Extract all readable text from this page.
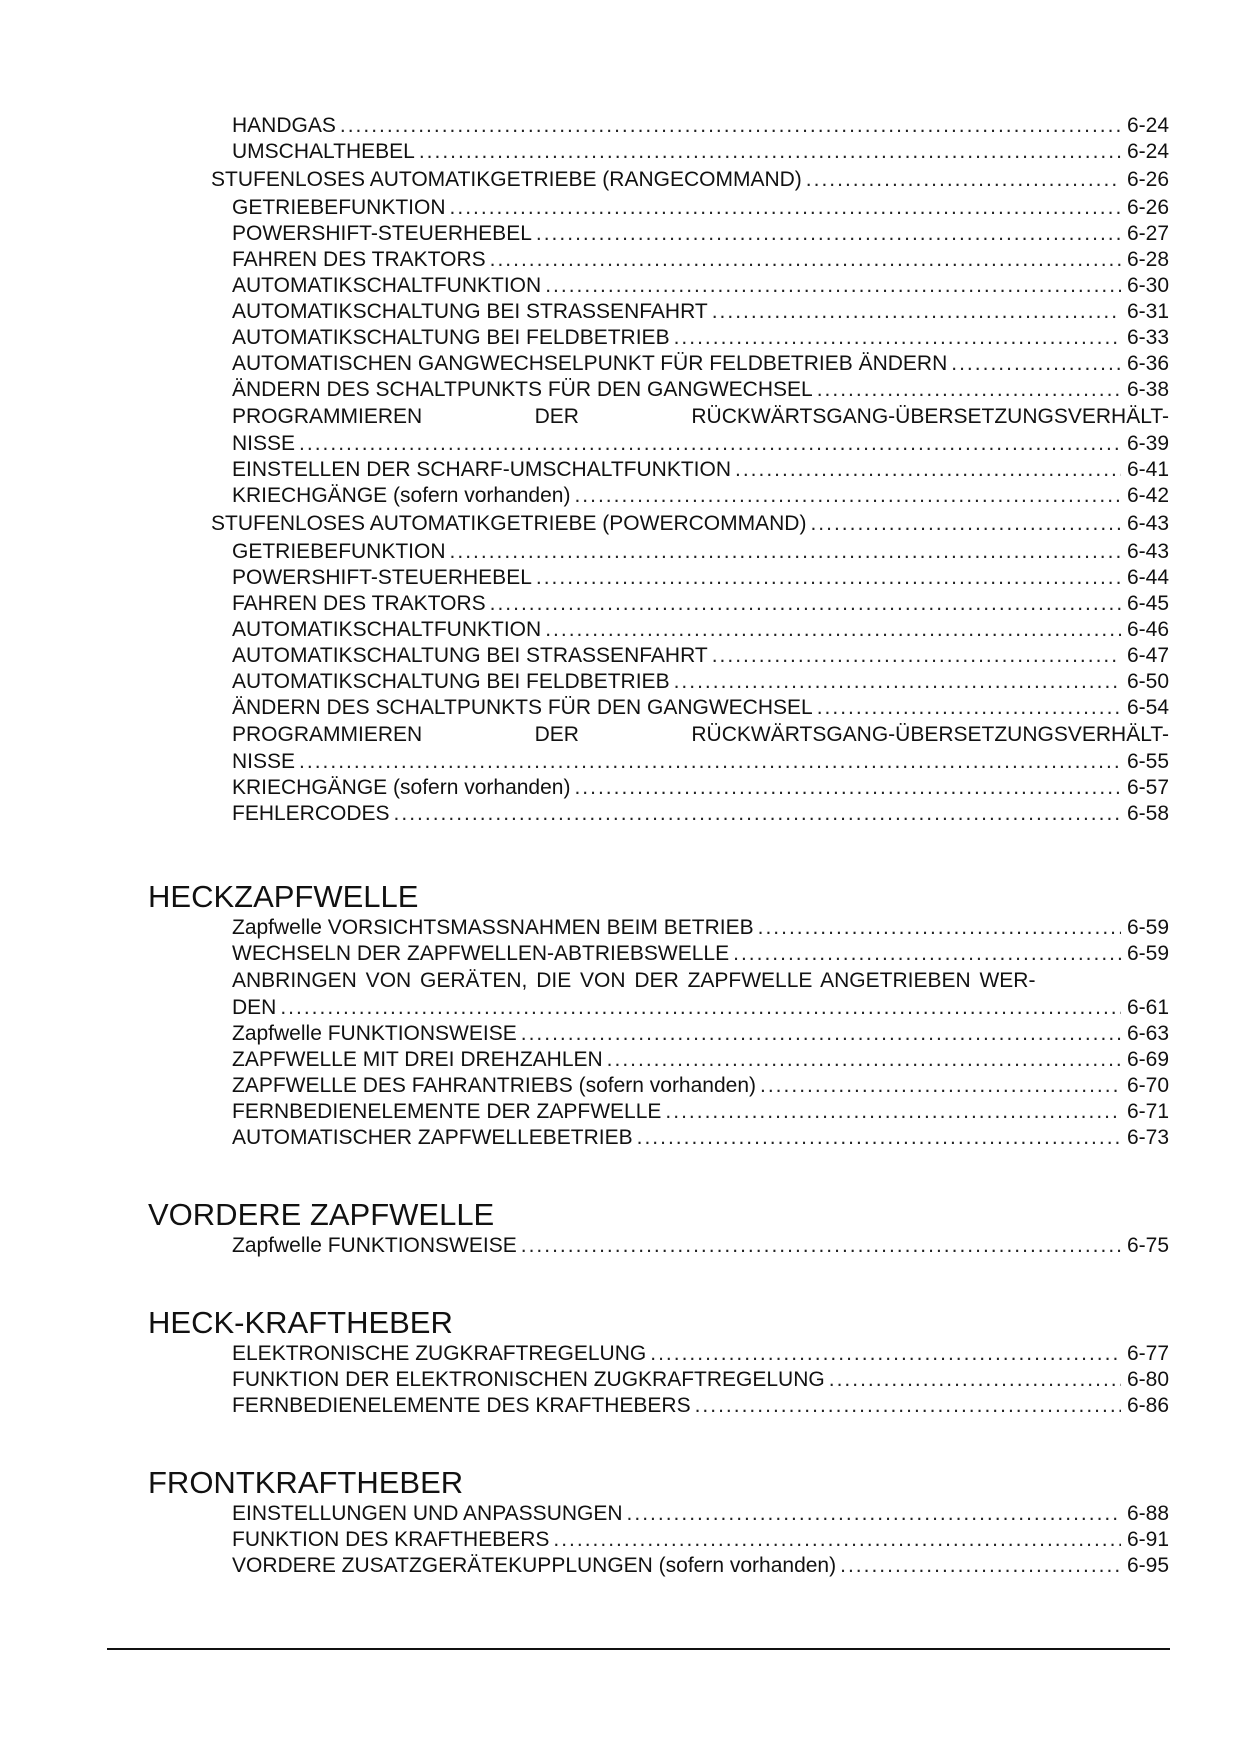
HANDGAS .....	6-24
UMSCHALTHEBEL .....	6-24
STUFENLOSES AUTOMATIKGETRIEBE (RANGECOMMAND) .....	6-26
GETRIEBEFUNKTION .....	6-26
POWERSHIFT-STEUERHEBEL .....	6-27
FAHREN DES TRAKTORS .....	6-28
AUTOMATIKSCHALTFUNKTION .....	6-30
AUTOMATIKSCHALTUNG BEI STRASSENFAHRT .....	6-31
AUTOMATIKSCHALTUNG BEI FELDBETRIEB .....	6-33
AUTOMATISCHEN GANGWECHSELPUNKT FÜR FELDBETRIEB ÄNDERN .....	6-36
ÄNDERN DES SCHALTPUNKTS FÜR DEN GANGWECHSEL .....	6-38
PROGRAMMIEREN	DER	RÜCKWÄRTSGANG-ÜBERSETZUNGSVERHÄLT-
NISSE .....	6-39
EINSTELLEN DER SCHARF-UMSCHALTFUNKTION .....	6-41
KRIECHGÄNGE (sofern vorhanden) .....	6-42
STUFENLOSES AUTOMATIKGETRIEBE (POWERCOMMAND) .....	6-43
GETRIEBEFUNKTION .....	6-43
POWERSHIFT-STEUERHEBEL .....	6-44
FAHREN DES TRAKTORS .....	6-45
AUTOMATIKSCHALTFUNKTION .....	6-46
AUTOMATIKSCHALTUNG BEI STRASSENFAHRT .....	6-47
AUTOMATIKSCHALTUNG BEI FELDBETRIEB .....	6-50
ÄNDERN DES SCHALTPUNKTS FÜR DEN GANGWECHSEL .....	6-54
PROGRAMMIEREN	DER	RÜCKWÄRTSGANG-ÜBERSETZUNGSVERHÄLT-
NISSE .....	6-55
KRIECHGÄNGE (sofern vorhanden) .....	6-57
FEHLERCODES .....	6-58
HECKZAPFWELLE
Zapfwelle VORSICHTSMASSNAHMEN BEIM BETRIEB .....	6-59
WECHSELN DER ZAPFWELLEN-ABTRIEBSWELLE .....	6-59
ANBRINGEN VON GERÄTEN, DIE VON DER ZAPFWELLE ANGETRIEBEN WER-
DEN .....	6-61
Zapfwelle FUNKTIONSWEISE .....	6-63
ZAPFWELLE MIT DREI DREHZAHLEN .....	6-69
ZAPFWELLE DES FAHRANTRIEBS (sofern vorhanden) .....	6-70
FERNBEDIENELEMENTE DER ZAPFWELLE .....	6-71
AUTOMATISCHER ZAPFWELLEBETRIEB .....	6-73
VORDERE ZAPFWELLE
Zapfwelle FUNKTIONSWEISE .....	6-75
HECK-KRAFTHEBER
ELEKTRONISCHE ZUGKRAFTREGELUNG .....	6-77
FUNKTION DER ELEKTRONISCHEN ZUGKRAFTREGELUNG .....	6-80
FERNBEDIENELEMENTE DES KRAFTHEBERS .....	6-86
FRONTKRAFTHEBER
EINSTELLUNGEN UND ANPASSUNGEN .....	6-88
FUNKTION DES KRAFTHEBERS .....	6-91
VORDERE ZUSATZGERÄTEKUPPLUNGEN (sofern vorhanden) .....	6-95
